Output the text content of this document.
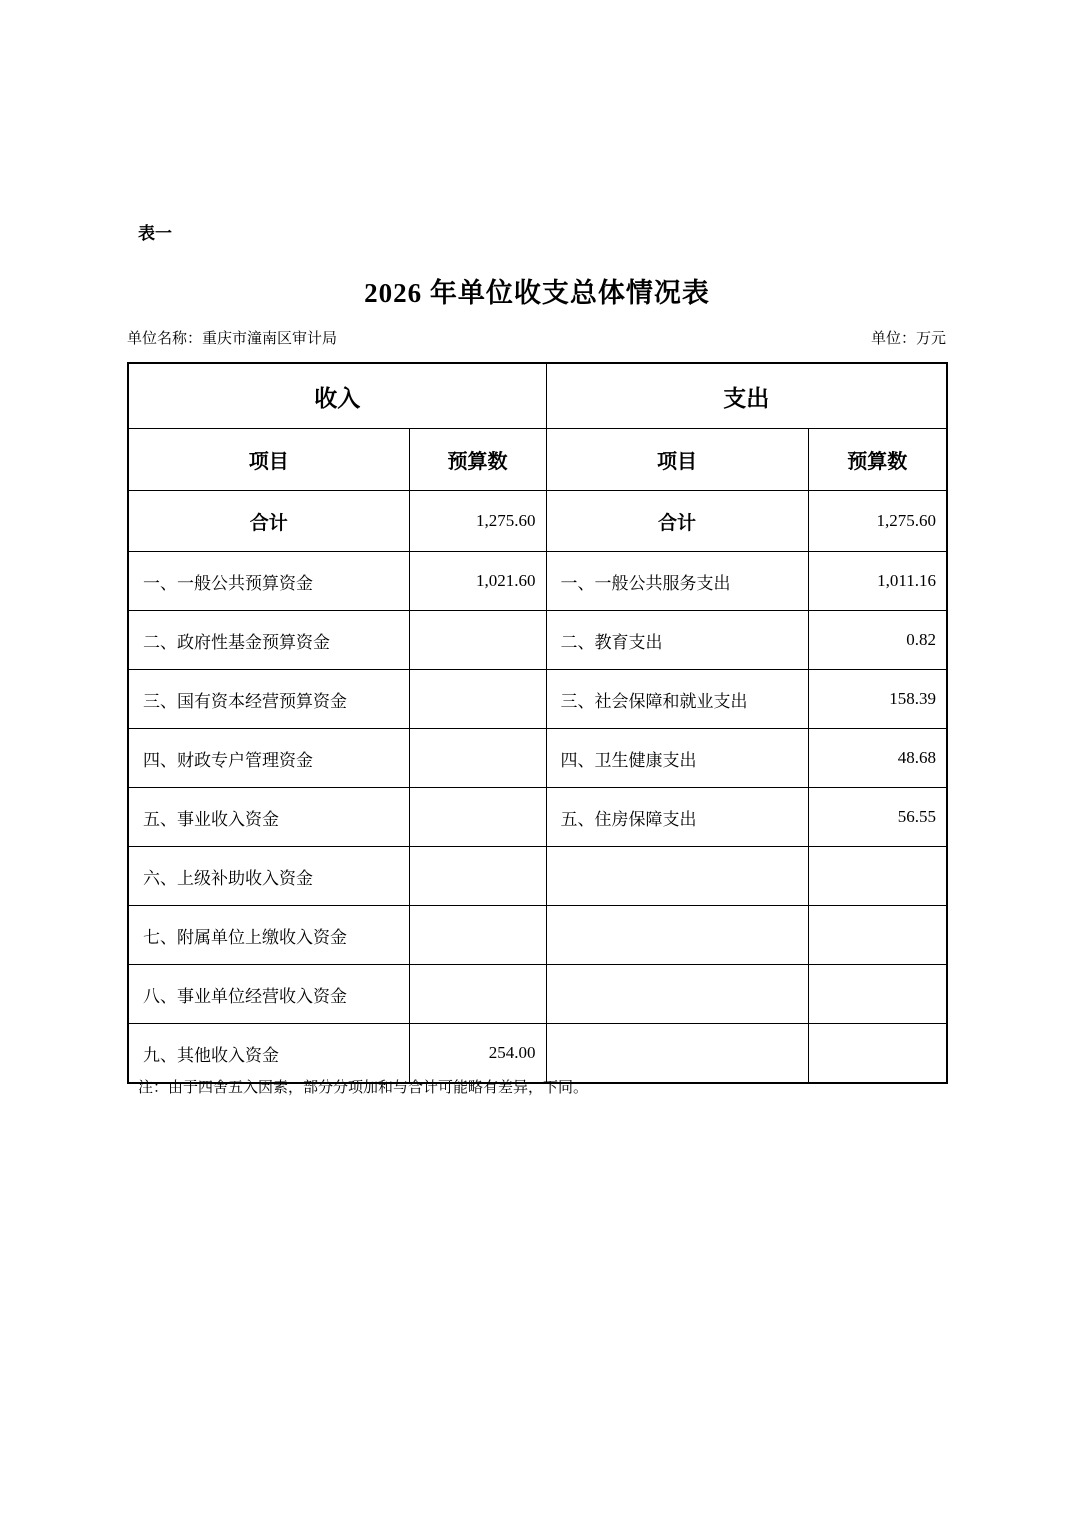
表一
2026 年单位收支总体情况表
单位名称：重庆市潼南区审计局	单位：万元
收入		支出	
项目	预算数	项目	预算数
合计	1,275.60	合计	1,275.60
一、一般公共预算资金	1,021.60	一、一般公共服务支出	1,011.16
二、政府性基金预算资金		二、教育支出	0.82
三、国有资本经营预算资金		三、社会保障和就业支出	158.39
四、财政专户管理资金		四、卫生健康支出	48.68
五、事业收入资金		五、住房保障支出	56.55
六、上级补助收入资金			
七、附属单位上缴收入资金			
八、事业单位经营收入资金			
九、其他收入资金	254.00		
注：由于四舍五入因素，部分分项加和与合计可能略有差异，下同。
